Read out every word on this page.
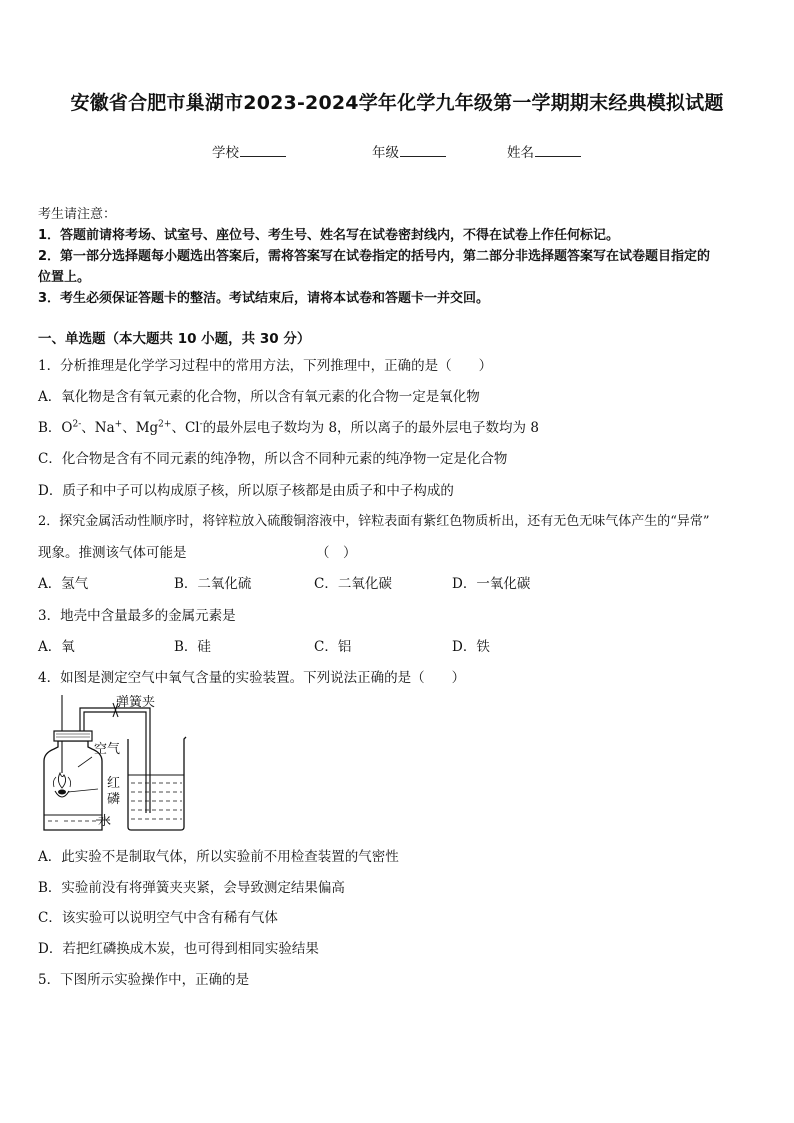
安徽省合肥市巢湖市2023-2024学年化学九年级第一学期期末经典模拟试题
学校	年级	姓名
考生请注意：
1．答题前请将考场、试室号、座位号、考生号、姓名写在试卷密封线内，不得在试卷上作任何标记。
2．第一部分选择题每小题选出答案后，需将答案写在试卷指定的括号内，第二部分非选择题答案写在试卷题目指定的
位置上。
3．考生必须保证答题卡的整洁。考试结束后，请将本试卷和答题卡一并交回。
一、单选题（本大题共 10 小题，共 30 分）
1．分析推理是化学学习过程中的常用方法，下列推理中，正确的是（　　）
A．氧化物是含有氧元素的化合物，所以含有氧元素的化合物一定是氧化物
B．$O^{2-}$、Na+、$Mg^{2+}$、Cl-的最外层电子数均为 8，所以离子的最外层电子数均为 8
C．化合物是含有不同元素的纯净物，所以含不同种元素的纯净物一定是化合物
D．质子和中子可以构成原子核，所以原子核都是由质子和中子构成的
2．探究金属活动性顺序时，将锌粒放入硫酸铜溶液中，锌粒表面有紫红色物质析出，还有无色无味气体产生的“异常”
现象。推测该气体可能是	（　）
A．氢气	B．二氧化硫	C．二氧化碳	D．一氧化碳
3．地壳中含量最多的金属元素是
A．氧	B．硅	C．铝	D．铁
4．如图是测定空气中氧气含量的实验装置。下列说法正确的是（　　）
弹簧夹
空气
红
磷
水
A．此实验不是制取气体，所以实验前不用检查装置的气密性
B．实验前没有将弹簧夹夹紧，会导致测定结果偏高
C．该实验可以说明空气中含有稀有气体
D．若把红磷换成木炭，也可得到相同实验结果
5．下图所示实验操作中，正确的是
